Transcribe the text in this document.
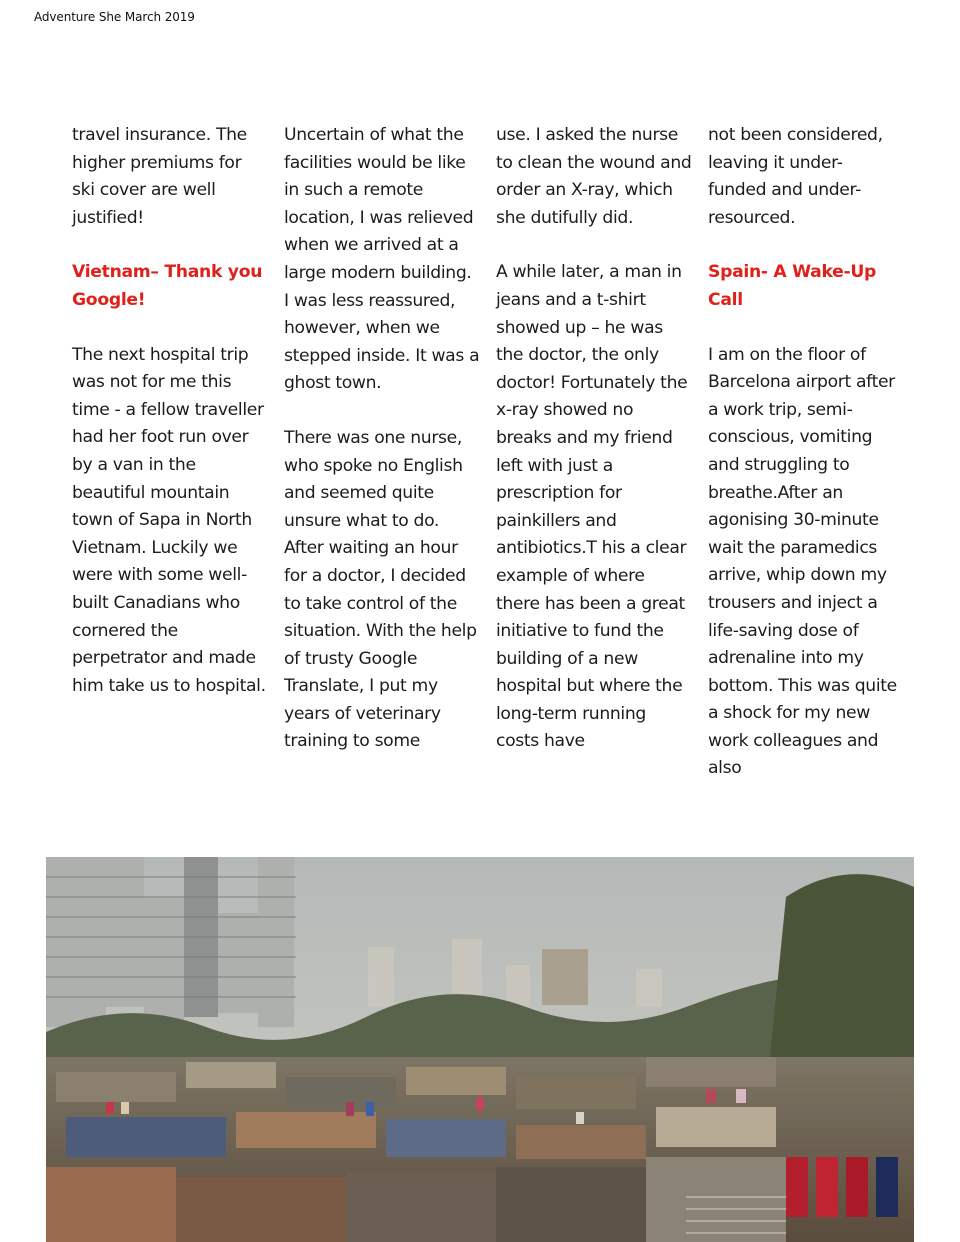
Adventure She March 2019

travel insurance. The higher premiums for ski cover are well justified!

Vietnam– Thank you Google!

The next hospital trip was not for me this time - a fellow traveller had her foot run over by a van in the beautiful mountain town of Sapa in North Vietnam. Luckily we were with some well-built Canadians who cornered the perpetrator and made him take us to hospital.

Uncertain of what the facilities would be like in such a remote location, I was relieved when we arrived at a large modern building. I was less reassured, however, when we stepped inside. It was a ghost town.

There was one nurse, who spoke no English and seemed quite unsure what to do. After waiting an hour for a doctor, I decided to take control of the situation. With the help of trusty Google Translate, I put my years of veterinary training to some

use. I asked the nurse to clean the wound and order an X-ray, which she dutifully did.

A while later, a man in jeans and a t-shirt showed up – he was the doctor, the only doctor! Fortunately the x-ray showed no breaks and my friend left with just a prescription for painkillers and antibiotics.T his a clear example of where there has been a great initiative to fund the building of a new hospital but where the long-term running costs have

not been considered, leaving it under-funded and under-resourced.

Spain- A Wake-Up Call

I am on the floor of Barcelona airport after a work trip, semi-conscious, vomiting and struggling to breathe.After an agonising 30-minute wait the paramedics arrive, whip down my trousers and inject a life-saving dose of adrenaline into my bottom. This was quite a shock for my new work colleagues and also
